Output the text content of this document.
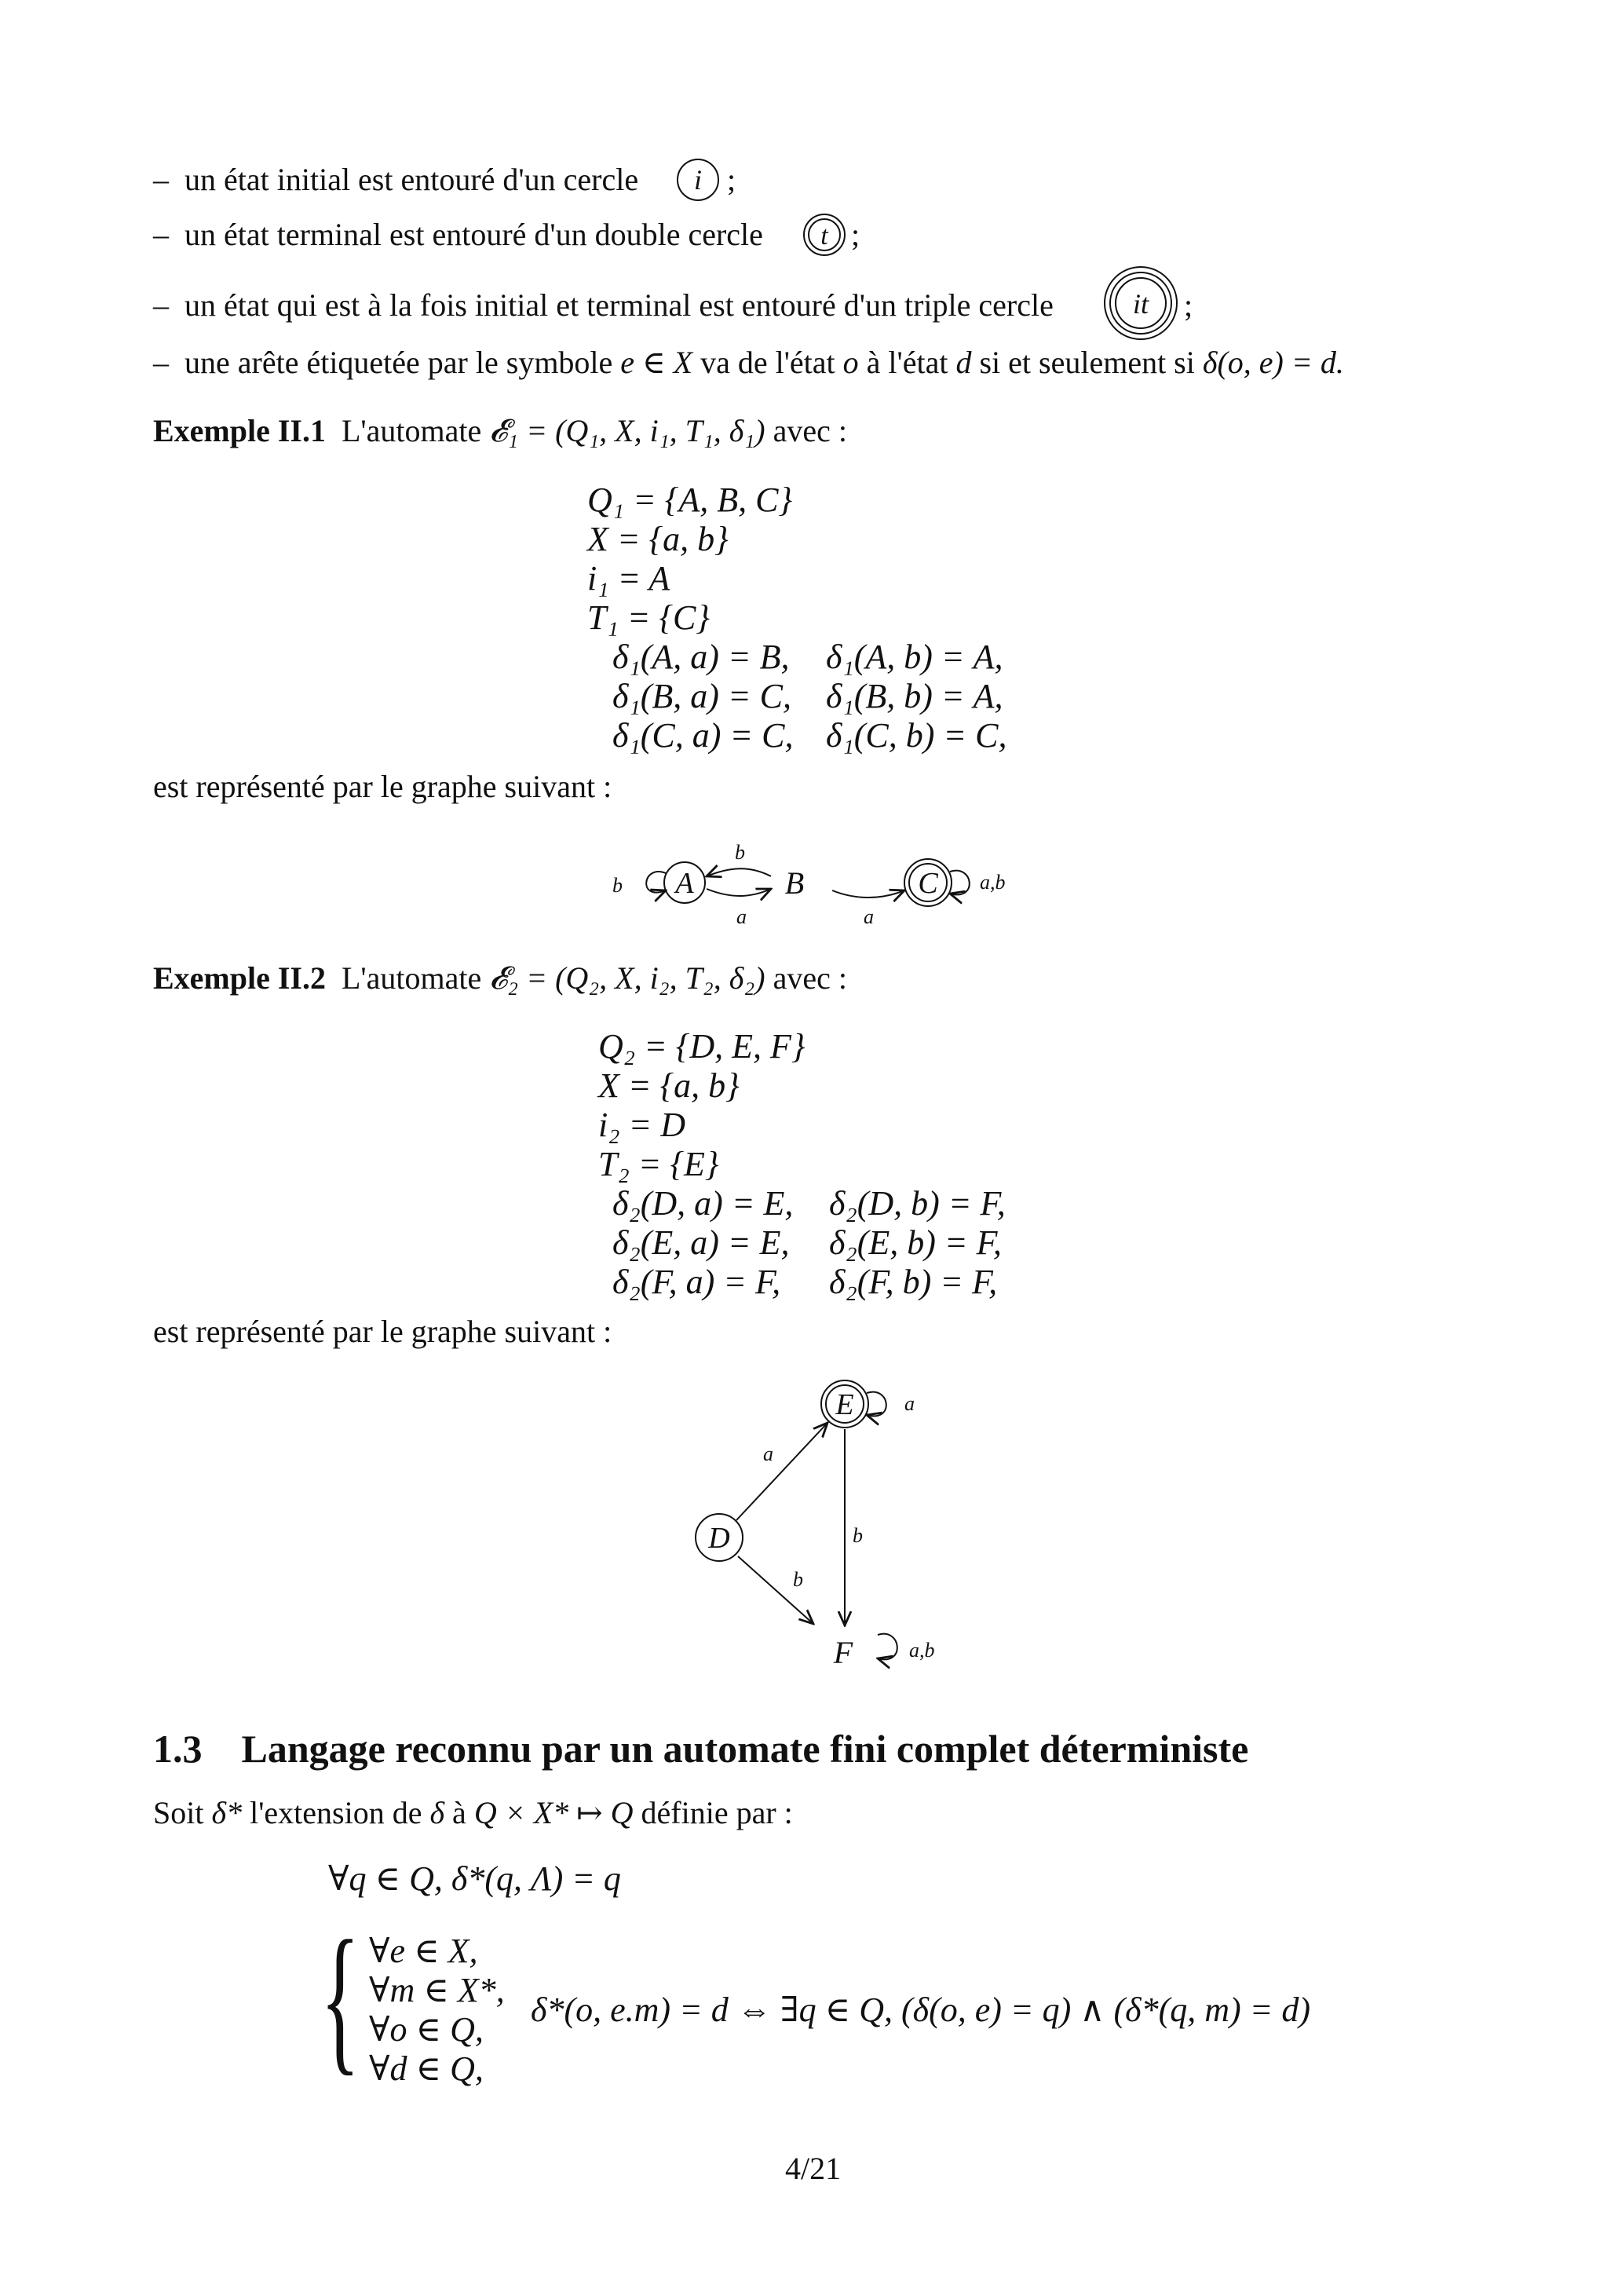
–  un état initial est entouré d'un cercle i ;
–  un état terminal est entouré d'un double cercle t ;
–  un état qui est à la fois initial et terminal est entouré d'un triple cercle	it ;
–  une arête étiquetée par le symbole e ∈ X va de l'état o à l'état d si et seulement si δ(o, e) = d.
Exemple II.1 L'automate 𝓔₁ = (Q₁, X, i₁, T₁, δ₁) avec :
Q₁ = {A, B, C}
X = {a, b}
i₁ = A
T₁ = {C}
δ₁(A, a) = B, δ₁(A, b) = A,
δ₁(B, a) = C, δ₁(B, b) = A,
δ₁(C, a) = C, δ₁(C, b) = C,
est représenté par le graphe suivant :
b A
b
a
B
a
C a,b
Exemple II.2 L'automate 𝓔₂ = (Q₂, X, i₂, T₂, δ₂) avec :
Q₂ = {D, E, F}
X = {a, b}
i₂ = D
T₂ = {E}
δ₂(D, a) = E, δ₂(D, b) = F,
δ₂(E, a) = E, δ₂(E, b) = F,
δ₂(F, a) = F, δ₂(F, b) = F,
est représenté par le graphe suivant :
E a
D
a
b
b
F	a,b
1.3 Langage reconnu par un automate fini complet déterministe
Soit δ* l'extension de δ à Q × X* ↦ Q définie par :
∀q ∈ Q, δ*(q, Λ) = q
{ ∀e ∈ X,
∀m ∈ X*,
∀o ∈ Q,
∀d ∈ Q,
δ*(o, e.m) = d ⇔ ∃q ∈ Q, (δ(o, e) = q) ∧ (δ*(q, m) = d)
4/21
